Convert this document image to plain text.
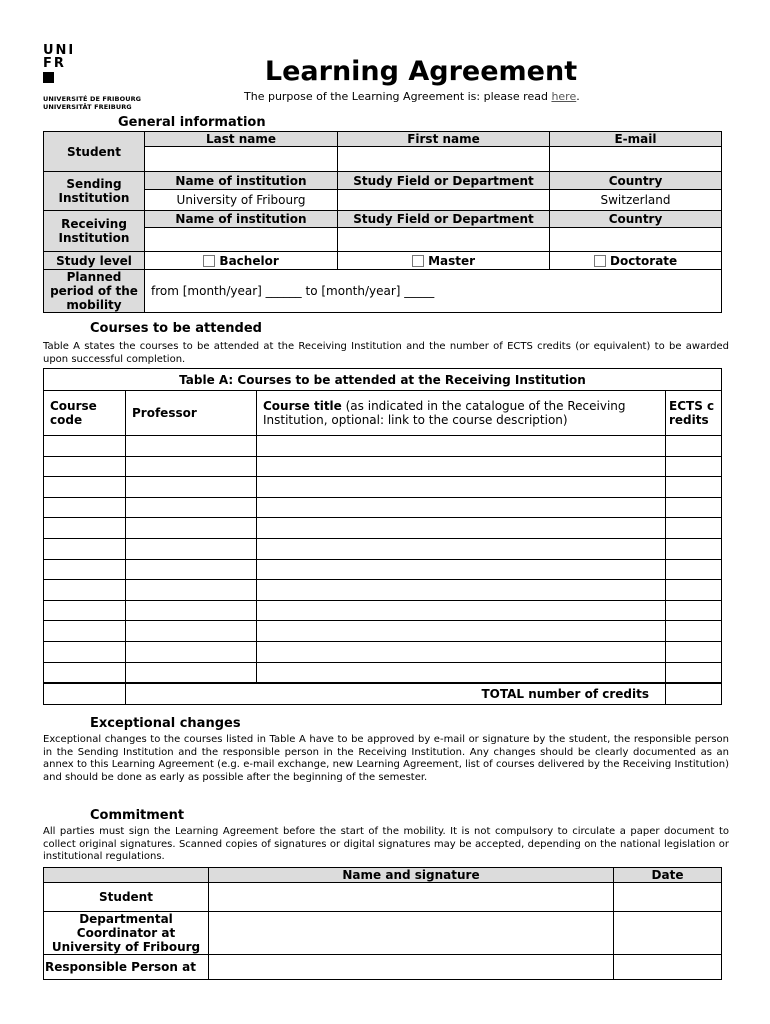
UNI
FR
UNIVERSITÉ DE FRIBOURG
UNIVERSITÄT FREIBURG
Learning Agreement
The purpose of the Learning Agreement is: please read here.
General information
Student	Last name	First name	E-mail

Sending Institution	Name of institution	Study Field or Department	Country
	University of Fribourg		Switzerland
Receiving Institution	Name of institution	Study Field or Department	Country

Study level	Bachelor	Master	Doctorate
Planned period of the mobility	from [month/year] ______ to [month/year] _____		
Courses to be attended
Table A states the courses to be attended at the Receiving Institution and the number of ECTS credits (or equivalent) to be awarded upon successful completion.
Table A: Courses to be attended at the Receiving Institution			
Course code	Professor	Course title (as indicated in the catalogue of the Receiving Institution, optional: link to the course description)	ECTS credits

	TOTAL number of credits		
Exceptional changes
Exceptional changes to the courses listed in Table A have to be approved by e-mail or signature by the student, the responsible person in the Sending Institution and the responsible person in the Receiving Institution. Any changes should be clearly documented as an annex to this Learning Agreement (e.g. e-mail exchange, new Learning Agreement, list of courses delivered by the Receiving Institution) and should be done as early as possible after the beginning of the semester.
Commitment
All parties must sign the Learning Agreement before the start of the mobility. It is not compulsory to circulate a paper document to collect original signatures. Scanned copies of signatures or digital signatures may be accepted, depending on the national legislation or institutional regulations.
	Name and signature	Date
Student		
Departmental Coordinator at University of Fribourg		
Responsible Person at		
